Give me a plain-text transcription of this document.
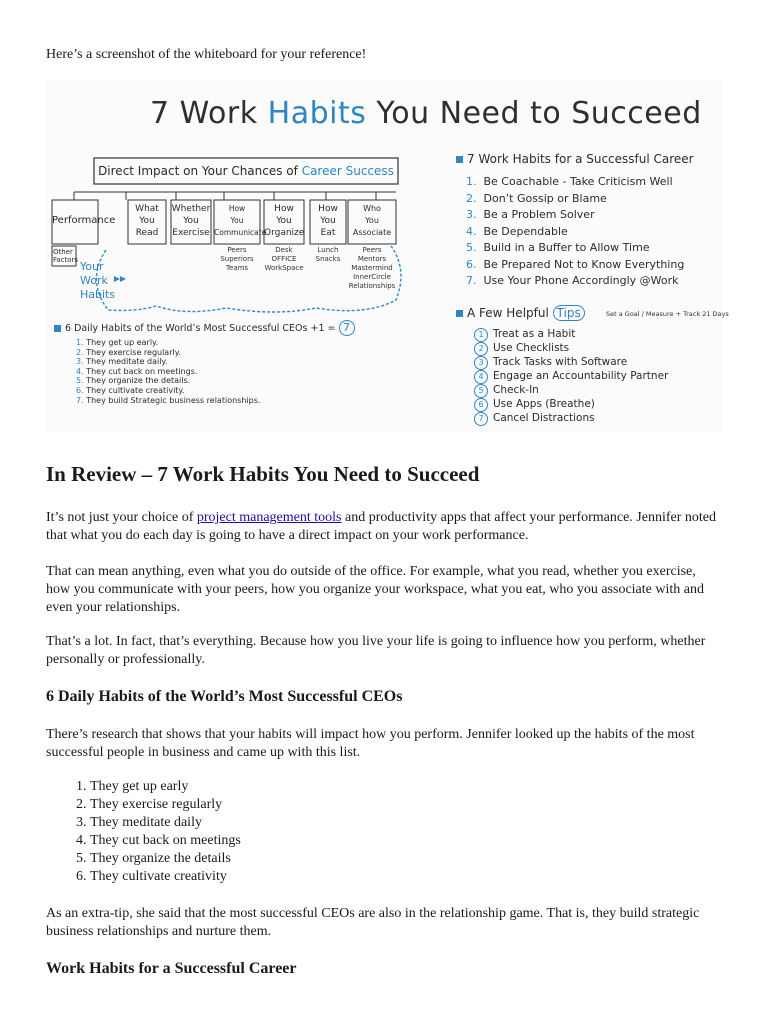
Here’s a screenshot of the whiteboard for your reference!

7 Work Habits You Need to Succeed

Direct Impact on Your Chances of Career Success

Performance
What
You
Read
Whether
You
Exercise
How
You
Communicate
How
You
Organize
How
You
Eat
Who
You
Associate
Peers
Superiors
Teams
Desk
OFFICE
WorkSpace
Lunch
Snacks
Peers
Mentors
Mastermind
InnerCircle
Relationships
Other
Factors Your
Work
Habits

6 Daily Habits of the World’s Most Successful CEOs +1 = 7

1. They get up early.
2. They exercise regularly.
3. They meditate daily.
4. They cut back on meetings.
5. They organize the details.
6. They cultivate creativity.
7. They build Strategic business relationships.

7 Work Habits for a Successful Career

1. Be Coachable - Take Criticism Well
2. Don’t Gossip or Blame
3. Be a Problem Solver
4. Be Dependable
5. Build in a Buffer to Allow Time
6. Be Prepared Not to Know Everything
7. Use Your Phone Accordingly @Work

A Few Helpful Tips	Set a Goal / Measure + Track 21 Days

1 Treat as a Habit
2 Use Checklists
3 Track Tasks with Software
4 Engage an Accountability Partner
5 Check-In
6 Use Apps (Breathe)
7 Cancel Distractions
In Review – 7 Work Habits You Need to Succeed

It’s not just your choice of project management tools and productivity apps that affect your performance. Jennifer noted that what you do each day is going to have a direct impact on your work performance.

That can mean anything, even what you do outside of the office. For example, what you read, whether you exercise, how you communicate with your peers, how you organize your workspace, what you eat, who you associate with and even your relationships.

That’s a lot. In fact, that’s everything. Because how you live your life is going to influence how you perform, whether personally or professionally.

6 Daily Habits of the World’s Most Successful CEOs

There’s research that shows that your habits will impact how you perform. Jennifer looked up the habits of the most successful people in business and came up with this list.

1. They get up early
2. They exercise regularly
3. They meditate daily
4. They cut back on meetings
5. They organize the details
6. They cultivate creativity

As an extra-tip, she said that the most successful CEOs are also in the relationship game. That is, they build strategic business relationships and nurture them.

Work Habits for a Successful Career
